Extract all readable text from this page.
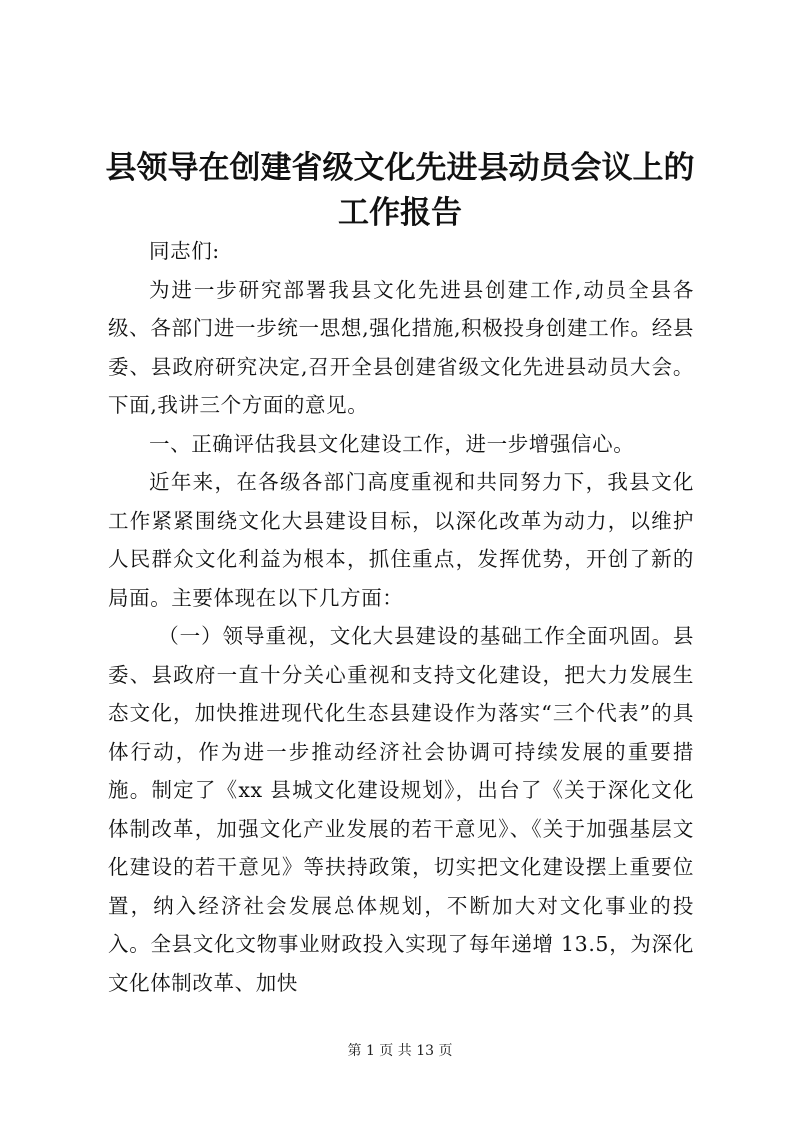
县领导在创建省级文化先进县动员会议上的工作报告

同志们:

为进一步研究部署我县文化先进县创建工作,动员全县各级、各部门进一步统一思想,强化措施,积极投身创建工作。经县委、县政府研究决定,召开全县创建省级文化先进县动员大会。下面,我讲三个方面的意见。

一、正确评估我县文化建设工作，进一步增强信心。

近年来，在各级各部门高度重视和共同努力下，我县文化工作紧紧围绕文化大县建设目标，以深化改革为动力，以维护人民群众文化利益为根本，抓住重点，发挥优势，开创了新的局面。主要体现在以下几方面：

（一）领导重视，文化大县建设的基础工作全面巩固。县委、县政府一直十分关心重视和支持文化建设，把大力发展生态文化，加快推进现代化生态县建设作为落实“三个代表”的具体行动，作为进一步推动经济社会协调可持续发展的重要措施。制定了《xx 县城文化建设规划》，出台了《关于深化文化体制改革，加强文化产业发展的若干意见》、《关于加强基层文化建设的若干意见》等扶持政策，切实把文化建设摆上重要位置，纳入经济社会发展总体规划，不断加大对文化事业的投入。全县文化文物事业财政投入实现了每年递增 13.5，为深化文化体制改革、加快

第 1 页 共 13 页
